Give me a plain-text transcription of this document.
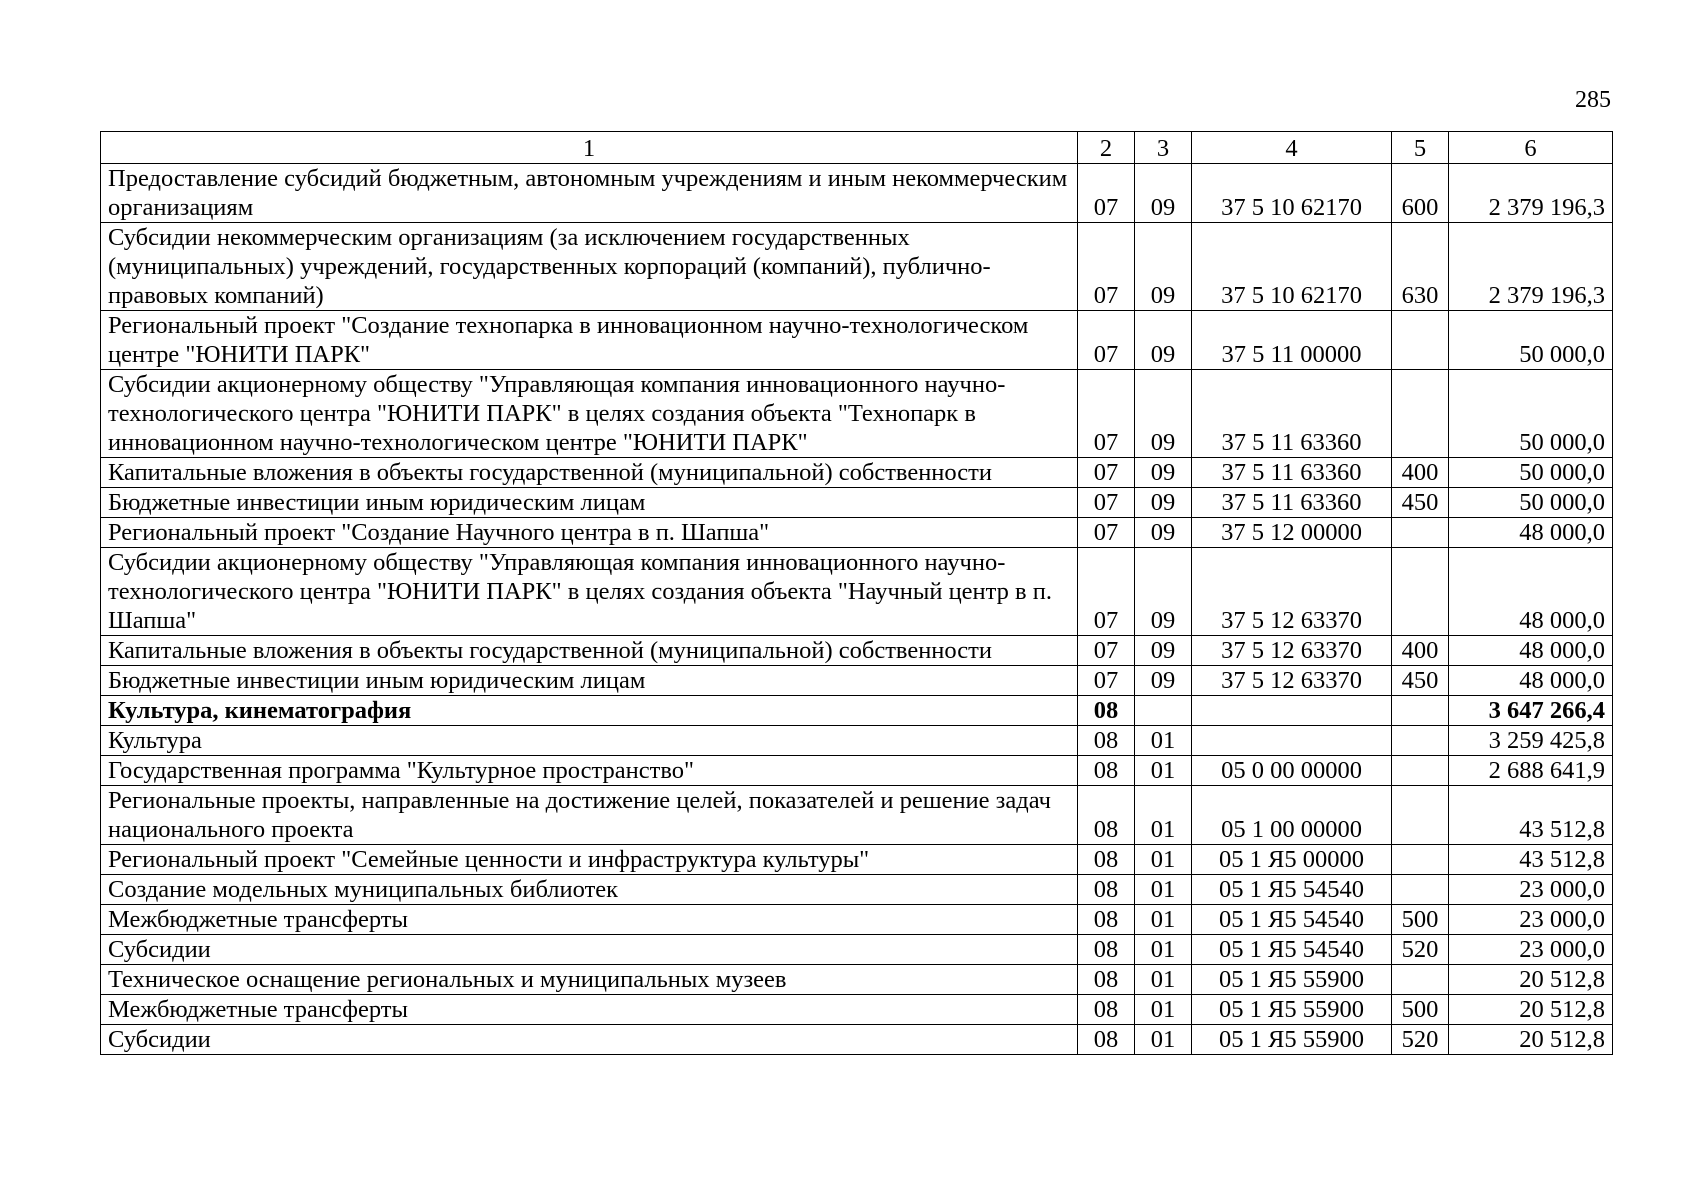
285
1	2	3	4	5	6
Предоставление субсидий бюджетным, автономным учреждениям и иным некоммерческим организациям	07	09	37 5 10 62170	600	2 379 196,3
Субсидии некоммерческим организациям (за исключением государственных (муниципальных) учреждений, государственных корпораций (компаний), публично-правовых компаний)	07	09	37 5 10 62170	630	2 379 196,3
Региональный проект "Создание технопарка в инновационном научно-технологическом центре "ЮНИТИ ПАРК"	07	09	37 5 11 00000		50 000,0
Субсидии акционерному обществу "Управляющая компания инновационного научно-технологического центра "ЮНИТИ ПАРК" в целях создания объекта "Технопарк в инновационном научно-технологическом центре "ЮНИТИ ПАРК"	07	09	37 5 11 63360		50 000,0
Капитальные вложения в объекты государственной (муниципальной) собственности	07	09	37 5 11 63360	400	50 000,0
Бюджетные инвестиции иным юридическим лицам	07	09	37 5 11 63360	450	50 000,0
Региональный проект "Создание Научного центра в п. Шапша"	07	09	37 5 12 00000		48 000,0
Субсидии акционерному обществу "Управляющая компания инновационного научно-технологического центра "ЮНИТИ ПАРК" в целях создания объекта "Научный центр в п. Шапша"	07	09	37 5 12 63370		48 000,0
Капитальные вложения в объекты государственной (муниципальной) собственности	07	09	37 5 12 63370	400	48 000,0
Бюджетные инвестиции иным юридическим лицам	07	09	37 5 12 63370	450	48 000,0
Культура, кинематография	08				3 647 266,4
Культура	08	01			3 259 425,8
Государственная программа "Культурное пространство"	08	01	05 0 00 00000		2 688 641,9
Региональные проекты, направленные на достижение целей, показателей и решение задач национального проекта	08	01	05 1 00 00000		43 512,8
Региональный проект "Семейные ценности и инфраструктура культуры"	08	01	05 1 Я5 00000		43 512,8
Создание модельных муниципальных библиотек	08	01	05 1 Я5 54540		23 000,0
Межбюджетные трансферты	08	01	05 1 Я5 54540	500	23 000,0
Субсидии	08	01	05 1 Я5 54540	520	23 000,0
Техническое оснащение региональных и муниципальных музеев	08	01	05 1 Я5 55900		20 512,8
Межбюджетные трансферты	08	01	05 1 Я5 55900	500	20 512,8
Субсидии	08	01	05 1 Я5 55900	520	20 512,8
